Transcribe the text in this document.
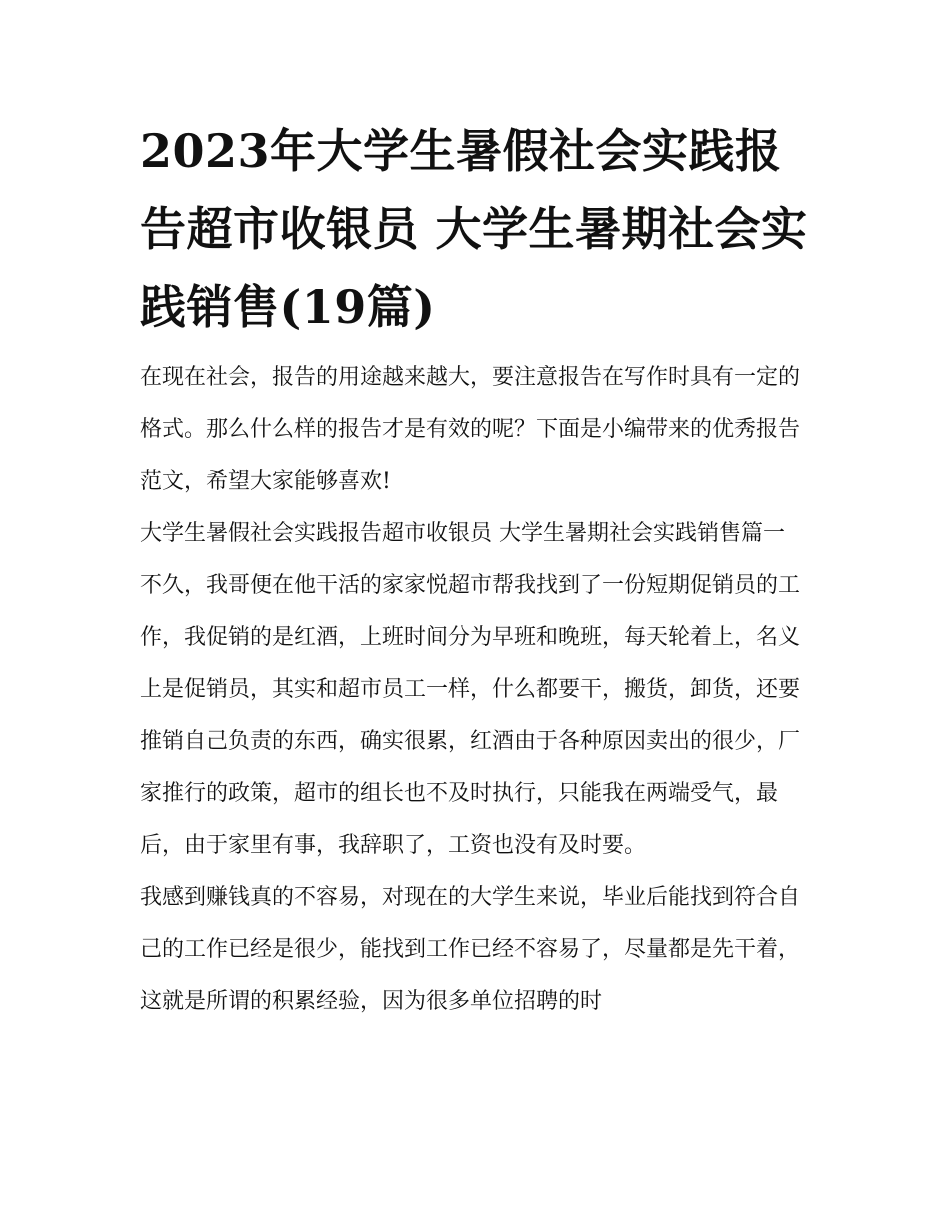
2023年大学生暑假社会实践报告超市收银员 大学生暑期社会实践销售(19篇)

在现在社会，报告的用途越来越大，要注意报告在写作时具有一定的格式。那么什么样的报告才是有效的呢？下面是小编带来的优秀报告范文，希望大家能够喜欢!

大学生暑假社会实践报告超市收银员 大学生暑期社会实践销售篇一

不久，我哥便在他干活的家家悦超市帮我找到了一份短期促销员的工作，我促销的是红酒，上班时间分为早班和晚班，每天轮着上，名义上是促销员，其实和超市员工一样，什么都要干，搬货，卸货，还要推销自己负责的东西，确实很累，红酒由于各种原因卖出的很少，厂家推行的政策，超市的组长也不及时执行，只能我在两端受气，最后，由于家里有事，我辞职了，工资也没有及时要。

我感到赚钱真的不容易，对现在的大学生来说，毕业后能找到符合自己的工作已经是很少，能找到工作已经不容易了，尽量都是先干着，这就是所谓的积累经验，因为很多单位招聘的时
